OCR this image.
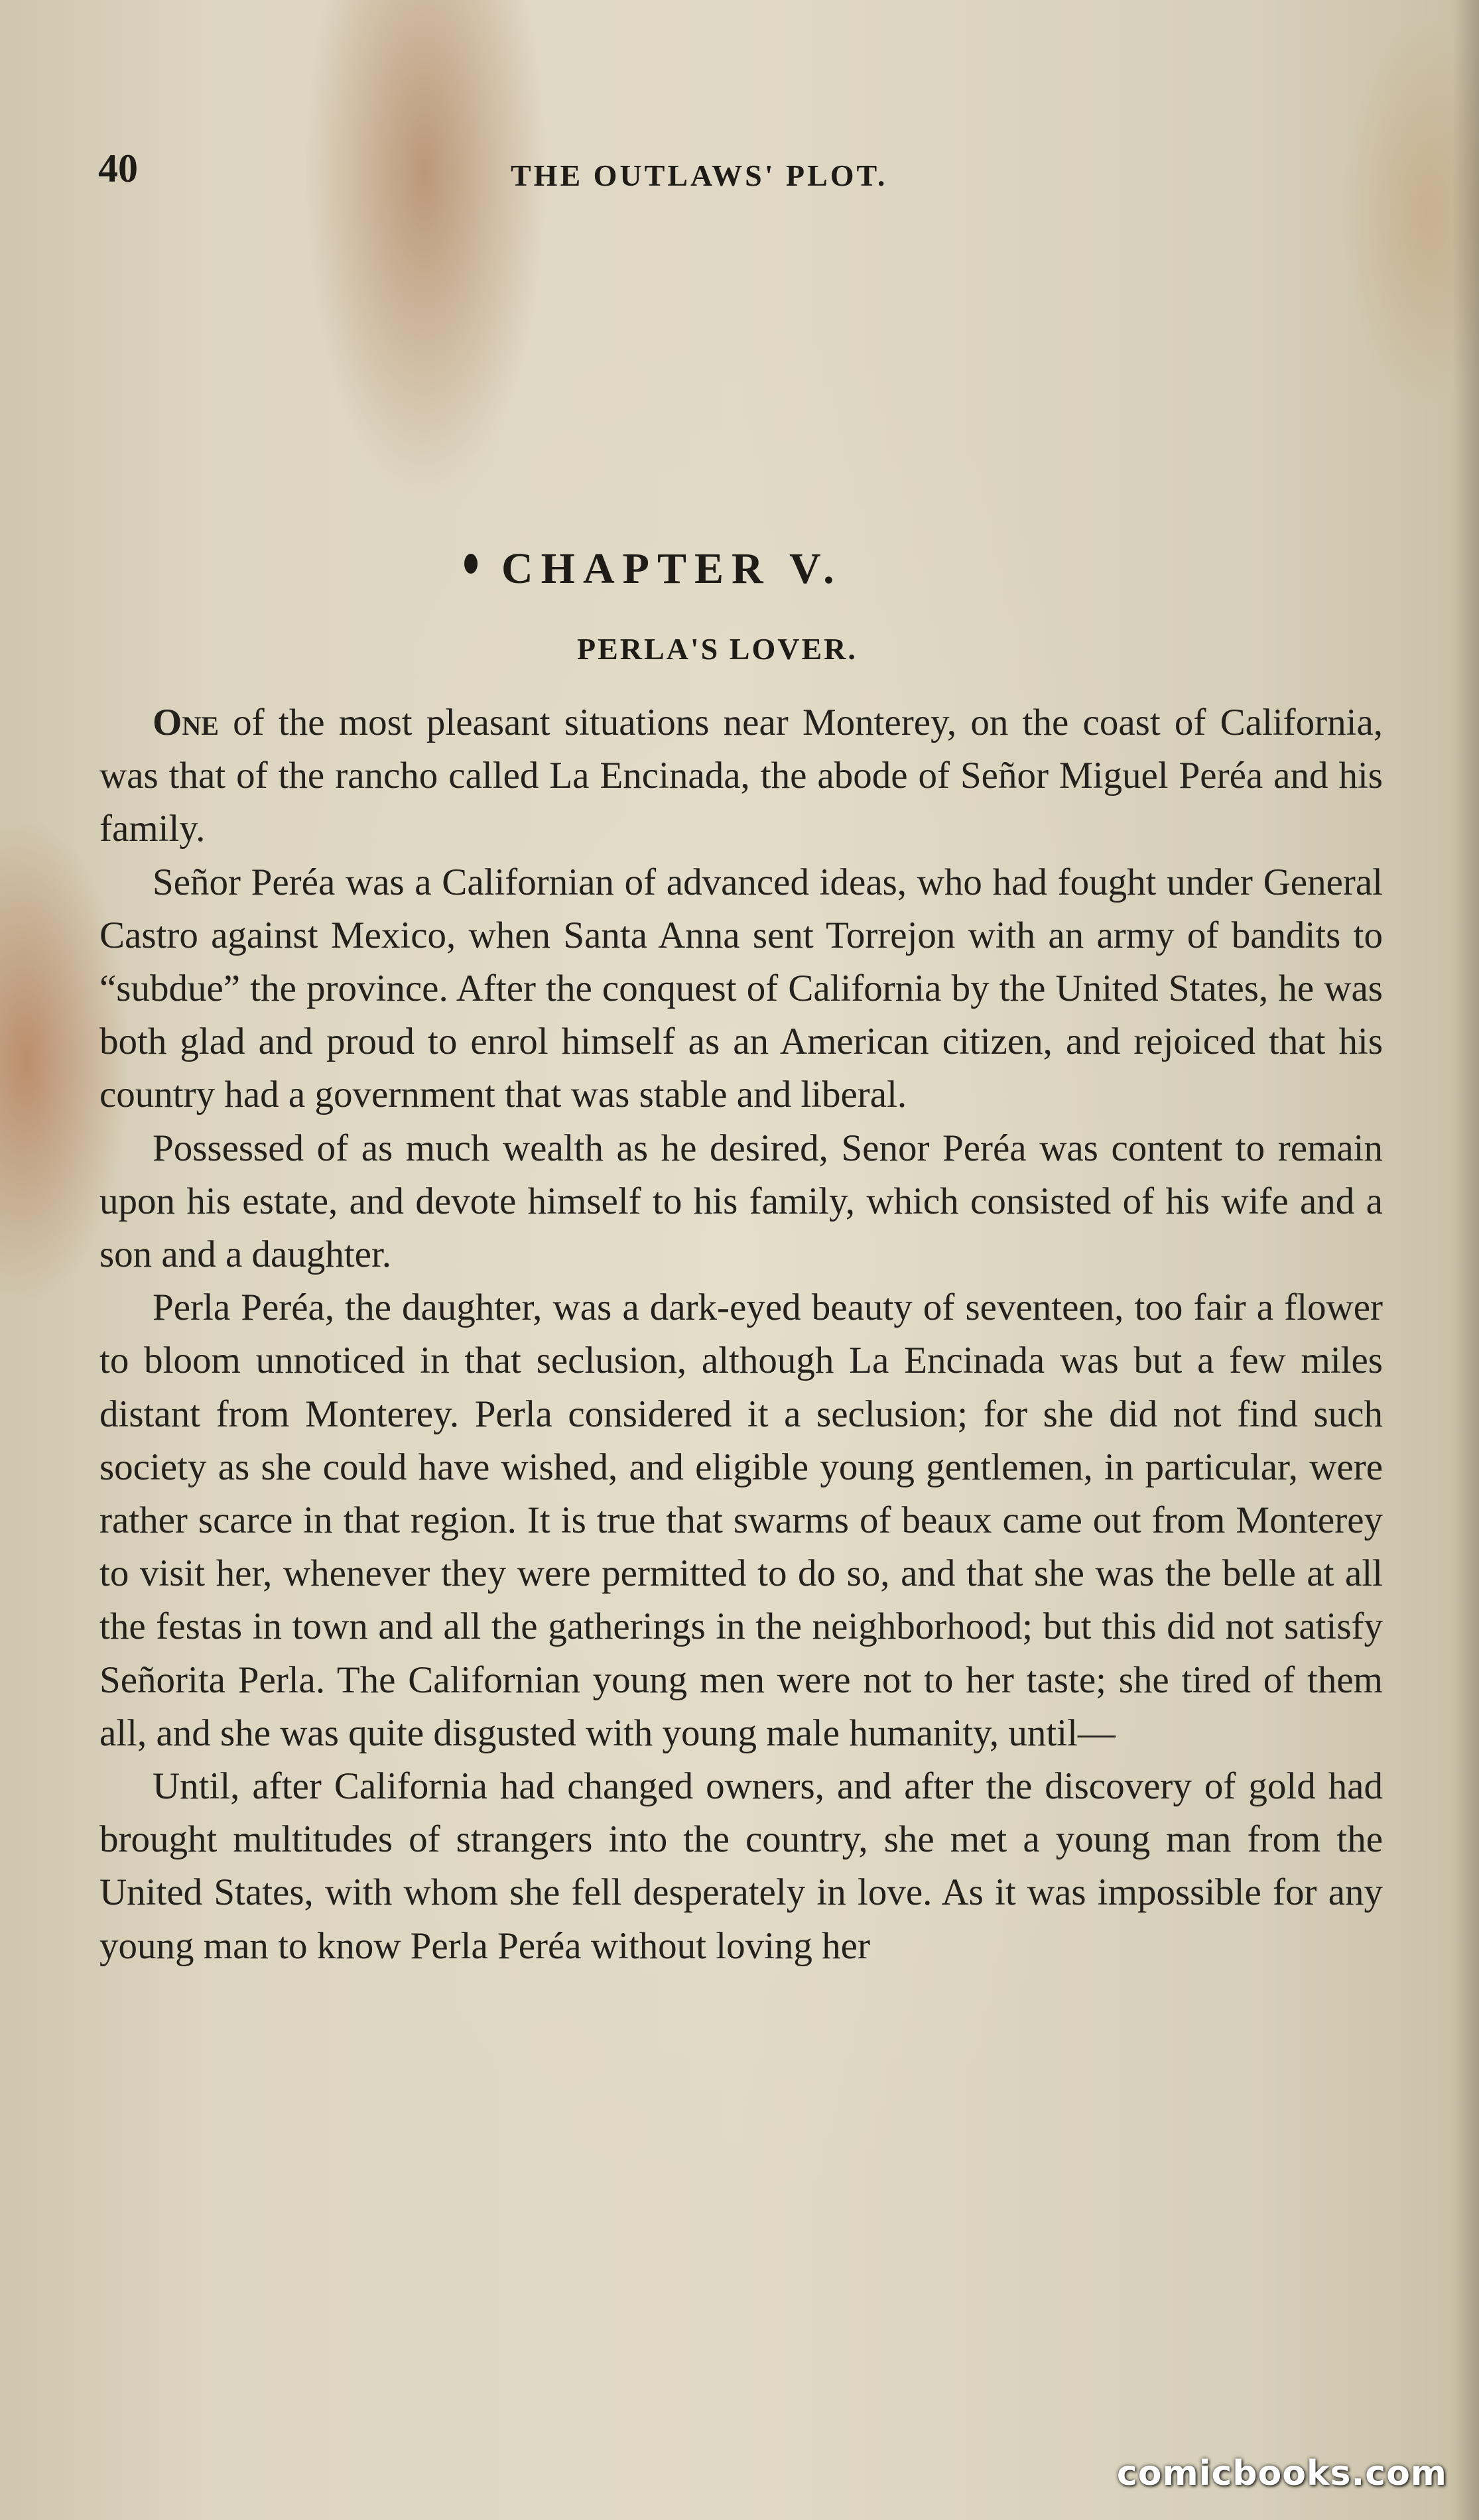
40	THE OUTLAWS' PLOT.

CHAPTER V.
PERLA'S LOVER.

One of the most pleasant situations near Monterey, on the coast of California, was that of the rancho called La Encinada, the abode of Señor Miguel Peréa and his family.

Señor Peréa was a Californian of advanced ideas, who had fought under General Castro against Mexico, when Santa Anna sent Torrejon with an army of bandits to “subdue” the province. After the conquest of California by the United States, he was both glad and proud to enrol himself as an American citizen, and rejoiced that his country had a government that was stable and liberal.

Possessed of as much wealth as he desired, Senor Peréa was content to remain upon his estate, and devote himself to his family, which consisted of his wife and a son and a daughter.

Perla Peréa, the daughter, was a dark-eyed beauty of seventeen, too fair a flower to bloom unnoticed in that seclusion, although La Encinada was but a few miles distant from Monterey. Perla considered it a seclusion; for she did not find such society as she could have wished, and eligible young gentlemen, in particular, were rather scarce in that region. It is true that swarms of beaux came out from Monterey to visit her, whenever they were permitted to do so, and that she was the belle at all the festas in town and all the gatherings in the neighborhood; but this did not satisfy Señorita Perla. The Californian young men were not to her taste; she tired of them all, and she was quite disgusted with young male humanity, until—

Until, after California had changed owners, and after the discovery of gold had brought multitudes of strangers into the country, she met a young man from the United States, with whom she fell desperately in love. As it was impossible for any young man to know Perla Peréa without loving her

comicbooks.com
